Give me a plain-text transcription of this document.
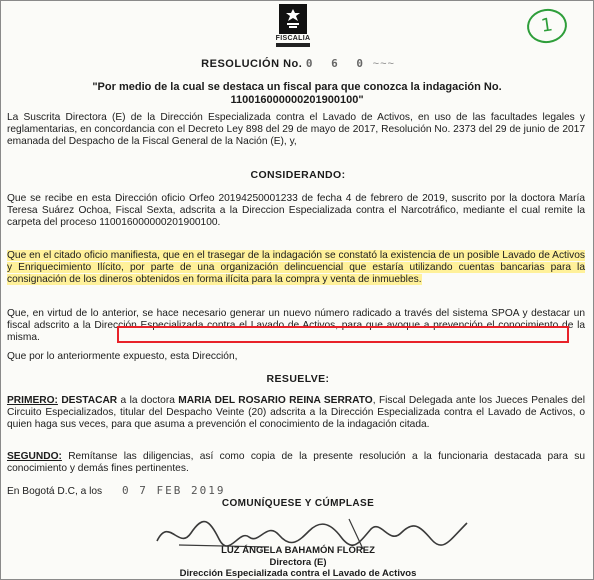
FISCALIA
1
RESOLUCIÓN No. 0 6 0 ~~~
"Por medio de la cual se destaca un fiscal para que conozca la indagación No. 110016000000201900100"

La Suscrita Directora (E) de la Dirección Especializada contra el Lavado de Activos, en uso de las facultades legales y reglamentarias, en concordancia con el Decreto Ley 898 del 29 de mayo de 2017, Resolución No. 2373 del 29 de junio de 2017 emanada del Despacho de la Fiscal General de la Nación (E), y,

CONSIDERANDO:

Que se recibe en esta Dirección oficio Orfeo 20194250001233 de fecha 4 de febrero de 2019, suscrito por la doctora María Teresa Suárez Ochoa, Fiscal Sexta, adscrita a la Direccion Especializada contra el Narcotráfico, mediante el cual remite la carpeta del proceso 110016000000201900100.

Que en el citado oficio manifiesta, que en el trasegar de la indagación se constató la existencia de un posible Lavado de Activos y Enriquecimiento Ilícito, por parte de una organización delincuencial que estaría utilizando cuentas bancarias para la consignación de los dineros obtenidos en forma ilícita para la compra y venta de inmuebles.

Que, en virtud de lo anterior, se hace necesario generar un nuevo número radicado a través del sistema SPOA y destacar un fiscal adscrito a la Dirección Especializada contra el Lavado de Activos, para que avoque a prevención el conocimiento de la misma.

Que por lo anteriormente expuesto, esta Dirección,

RESUELVE:

PRIMERO: DESTACAR a la doctora MARIA DEL ROSARIO REINA SERRATO, Fiscal Delegada ante los Jueces Penales del Circuito Especializados, titular del Despacho Veinte (20) adscrita a la Dirección Especializada contra el Lavado de Activos, o quien haga sus veces, para que asuma a prevención el conocimiento de la indagación citada.

SEGUNDO: Remítanse las diligencias, así como copia de la presente resolución a la funcionaria destacada para su conocimiento y demás fines pertinentes.

En Bogotá D.C, a los 0 7 FEB 2019

COMUNÍQUESE Y CÚMPLASE
LUZ ÁNGELA BAHAMÓN FLÓREZ
Directora (E)
Dirección Especializada contra el Lavado de Activos
